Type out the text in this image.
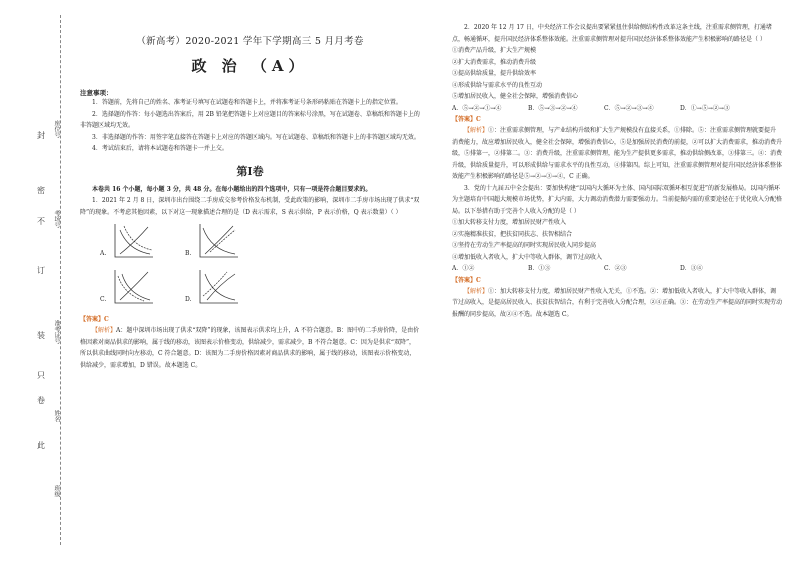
封
密
不
订
装
只
卷
此
座位号
考场号
准考证号
姓名
班级
（新高考）2020-2021 学年下学期高三 5 月月考卷
政 治 （A）
注意事项：

1．答题前，先将自己的姓名、准考证号填写在试题卷和答题卡上，并将准考证号条形码粘贴在答题卡上的指定位置。

2．选择题的作答：每小题选出答案后，用 2B 铅笔把答题卡上对应题目的答案标号涂黑，写在试题卷、草稿纸和答题卡上的非答题区域均无效。

3．非选择题的作答：用签字笔直接答在答题卡上对应的答题区域内。写在试题卷、草稿纸和答题卡上的非答题区域均无效。

4．考试结束后，请将本试题卷和答题卡一并上交。

第Ⅰ卷

本卷共 16 个小题，每小题 3 分，共 48 分。在每小题给出的四个选项中，只有一项是符合题目要求的。

1．2021 年 2 月 8 日，深圳市出台围绕二手房成交参考价格发布机制，受此政策的影响，深圳市二手房市场出现了供求“双降”的现象。不考虑其他因素，以下对这一现象描述合理的是（D 表示需求，S 表示供给，P 表示价格，Q 表示数量）（ ）

A.	B.
C.	D.
【答案】C

【解析】A：题中深圳市场出现了供求“双降”的现象，该图表示供求均上升，A 不符合题意。B：图中的二手房价降，是由价格因素对商品供求的影响，属于线的移动，该图表示价格变动，供给减少，需求减少，B 不符合题意。C：因为是供求“双降”，所以供求曲线同时向左移动，C 符合题意。D：该图为二手房价格因素对商品供求的影响，属于线的移动，该图表示价格变动，供给减少，需求增加，D 错误。故本题选 C。

2．2020 年 12 月 17 日，中央经济工作会议提出要紧紧扭住供给侧结构性改革这条主线，注重需求侧管理，打通堵点，畅通循环，提升国民经济体系整体效能。注重需求侧管理对提升国民经济体系整体效能产生积极影响的路径是（ ）

①消费产品升级，扩大生产规模

②扩大消费需求，推动消费升级

③提高供给质量，提升供给效率

④形成供给与需求水平的良性互动

⑤增加居民收入，健全社会保障，增强消费信心

A．⑤→②→①→④	B．⑤→③→②→④	C．⑤→②→③→④	D．①→⑤→②→③
【答案】C

【解析】①：注重需求侧管理，与产业结构升级和扩大生产规模没有直接关系，①排除。⑤：注重需求侧管理就要提升消费能力，故应增加居民收入，健全社会保障，增强消费信心，⑤是加强居民消费的前提，②可以扩大消费需求，推动消费升级，⑤排第一，②排第二。③：消费升级，注重需求侧管理，能为生产提供更多需求，推动供给侧改革，③排第三。④：消费升级，供给质量提升，可以形成供给与需求水平的良性互动，④排第四。综上可知，注重需求侧管理对提升国民经济体系整体效能产生积极影响的路径是⑤→②→③→④，C 正确。

3．党的十九届五中全会提出：要加快构建“以国内大循环为主体、国内国际双循环相互促进”的新发展格局。以国内循环为主题培育中国超大规模市场优势，扩大内需，大力调动消费潜力需要强动力。当前提振内需的重要途径在于优化收入分配格局。以下举措有助于完善个人收入分配的是（ ）

①加大转移支付力度，增加居民财产性收入

②实施精准扶贫，把扶贫同扶志、扶智相结合

③坚持在劳动生产率提高的同时实现居民收入同步提高

④增加低收入者收入，扩大中等收入群体，调节过高收入

A．①②	B．①③	C．②③	D．③④
【答案】C

【解析】①：加大转移支付力度，增加居民财产性收入无关，①不选。②：增加低收入者收入，扩大中等收入群体，调节过高收入，是提高居民收入、扶贫扶智结合，有利于完善收入分配合理，②④正确。③：在劳动生产率提高的同时实现劳动报酬的同步提高，故②④不选。故本题选 C。
